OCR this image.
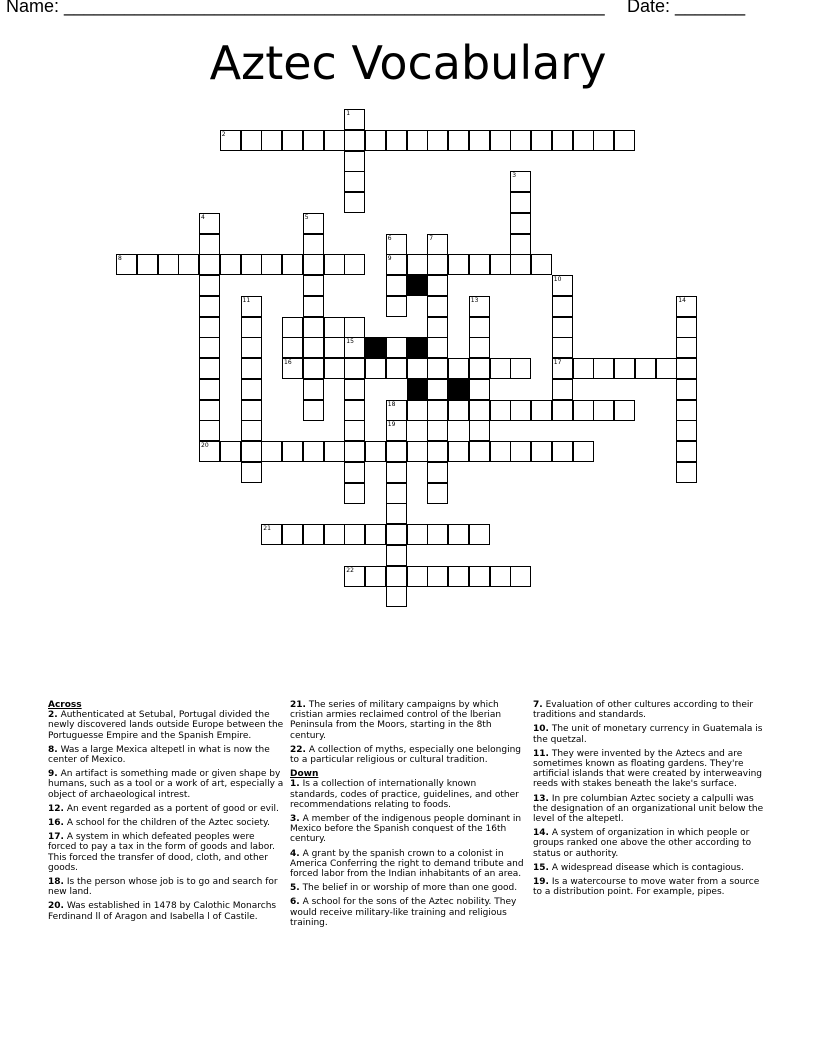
Name: ______________________________________________________ Date: _______
Aztec Vocabulary
2
8	9
15
16	17
18
20
21
22
1
3
4	5
6	7
10
11	13	14
19
Across
2. Authenticated at Setubal, Portugal divided the newly discovered lands outside Europe between the Portuguesse Empire and the Spanish Empire.
8. Was a large Mexica altepetl in what is now the center of Mexico.
9. An artifact is something made or given shape by humans, such as a tool or a work of art, especially a object of archaeological intrest.
12. An event regarded as a portent of good or evil.
16. A school for the children of the Aztec society.
17. A system in which defeated peoples were forced to pay a tax in the form of goods and labor. This forced the transfer of dood, cloth, and other goods.
18. Is the person whose job is to go and search for new land.
20. Was established in 1478 by Calothic Monarchs Ferdinand ll of Aragon and Isabella l of Castile.
21. The series of military campaigns by which cristian armies reclaimed control of the lberian Peninsula from the Moors, starting in the 8th century.
22. A collection of myths, especially one belonging to a particular religious or cultural tradition.
Down
1. Is a collection of internationally known standards, codes of practice, guidelines, and other recommendations relating to foods.
3. A member of the indigenous people dominant in Mexico before the Spanish conquest of the 16th century.
4. A grant by the spanish crown to a colonist in America Conferring the right to demand tribute and forced labor from the Indian inhabitants of an area.
5. The belief in or worship of more than one good.
6. A school for the sons of the Aztec nobility. They would receive military-like training and religious training.
7. Evaluation of other cultures according to their traditions and standards.
10. The unit of monetary currency in Guatemala is the quetzal.
11. They were invented by the Aztecs and are sometimes known as floating gardens. They're artificial islands that were created by interweaving reeds with stakes beneath the lake's surface.
13. In pre columbian Aztec society a calpulli was the designation of an organizational unit below the level of the altepetl.
14. A system of organization in which people or groups ranked one above the other according to status or authority.
15. A widespread disease which is contagious.
19. Is a watercourse to move water from a source to a distribution point. For example, pipes.
